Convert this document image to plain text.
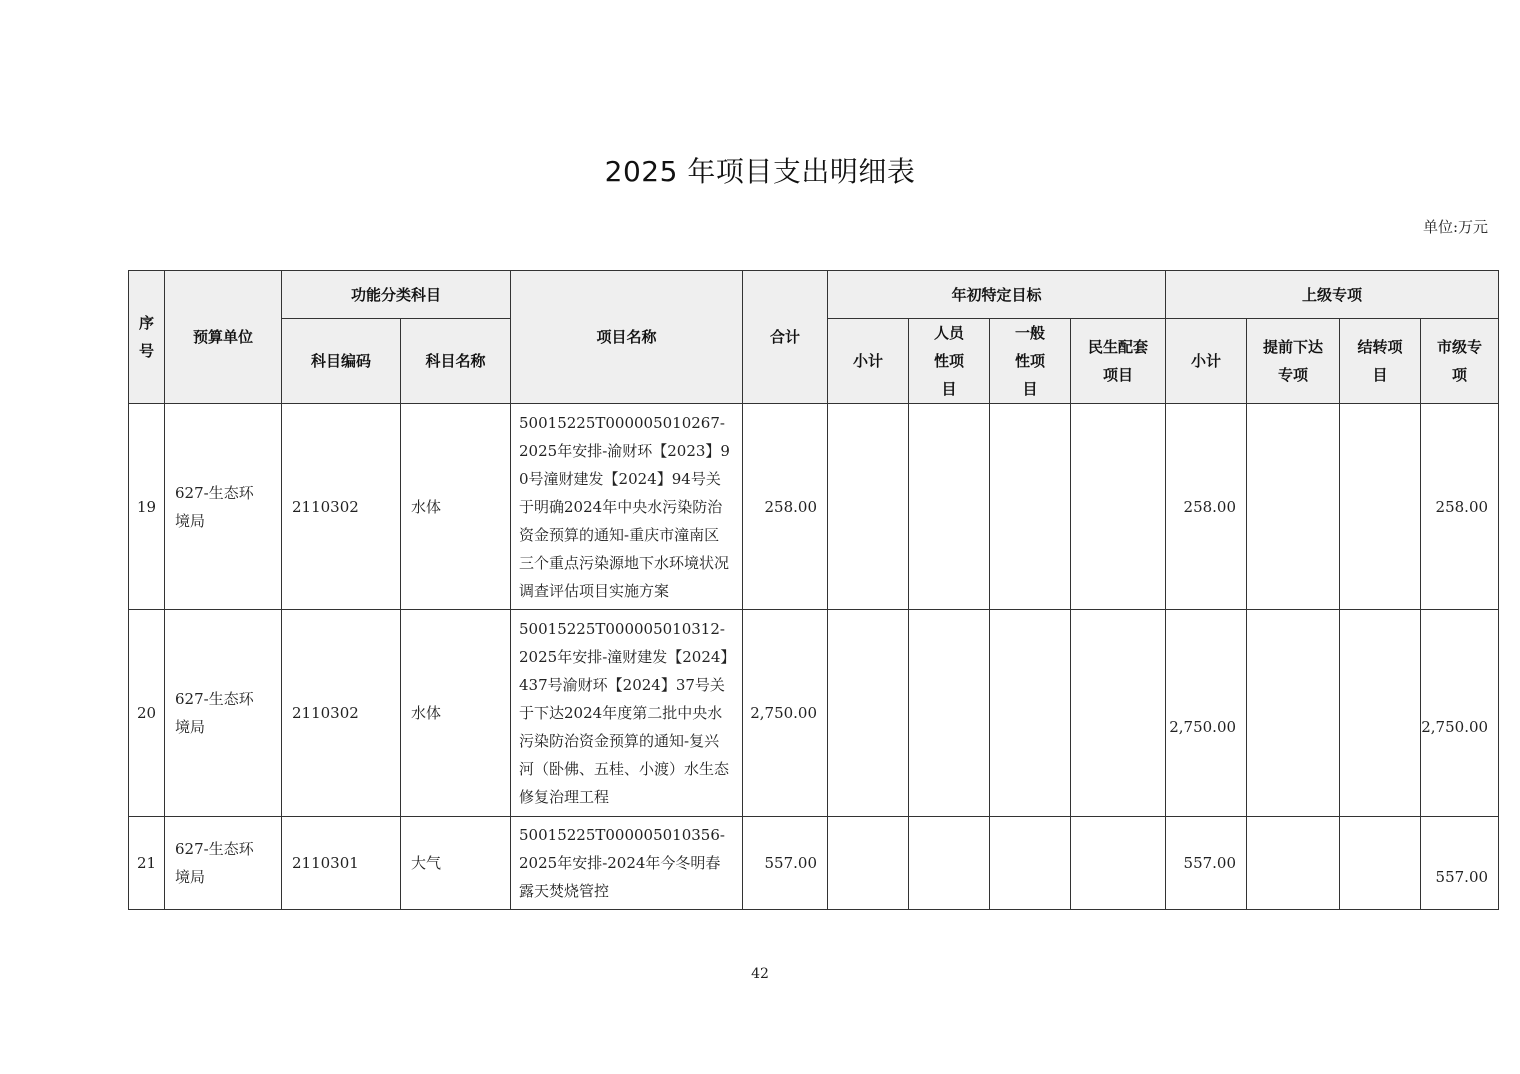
2025 年项目支出明细表
单位:万元
序号	预算单位	功能分类科目		项目名称	合计	年初特定目标				上级专项			
		科目编码	科目名称			小计	人员性项目	一般性项目	民生配套项目	小计	提前下达专项	结转项目	市级专项
19	627-生态环境局	2110302	水体	50015225T000005010267-2025年安排-渝财环【2023】90号潼财建发【2024】94号关于明确2024年中央水污染防治资金预算的通知-重庆市潼南区三个重点污染源地下水环境状况调查评估项目实施方案	258.00					258.00			258.00
20	627-生态环境局	2110302	水体	50015225T000005010312-2025年安排-潼财建发【2024】437号渝财环【2024】37号关于下达2024年度第二批中央水污染防治资金预算的通知-复兴河（卧佛、五桂、小渡）水生态修复治理工程	2,750.00					2,750.00			2,750.00
21	627-生态环境局	2110301	大气	50015225T000005010356-2025年安排-2024年今冬明春露天焚烧管控	557.00					557.00			557.00
42
